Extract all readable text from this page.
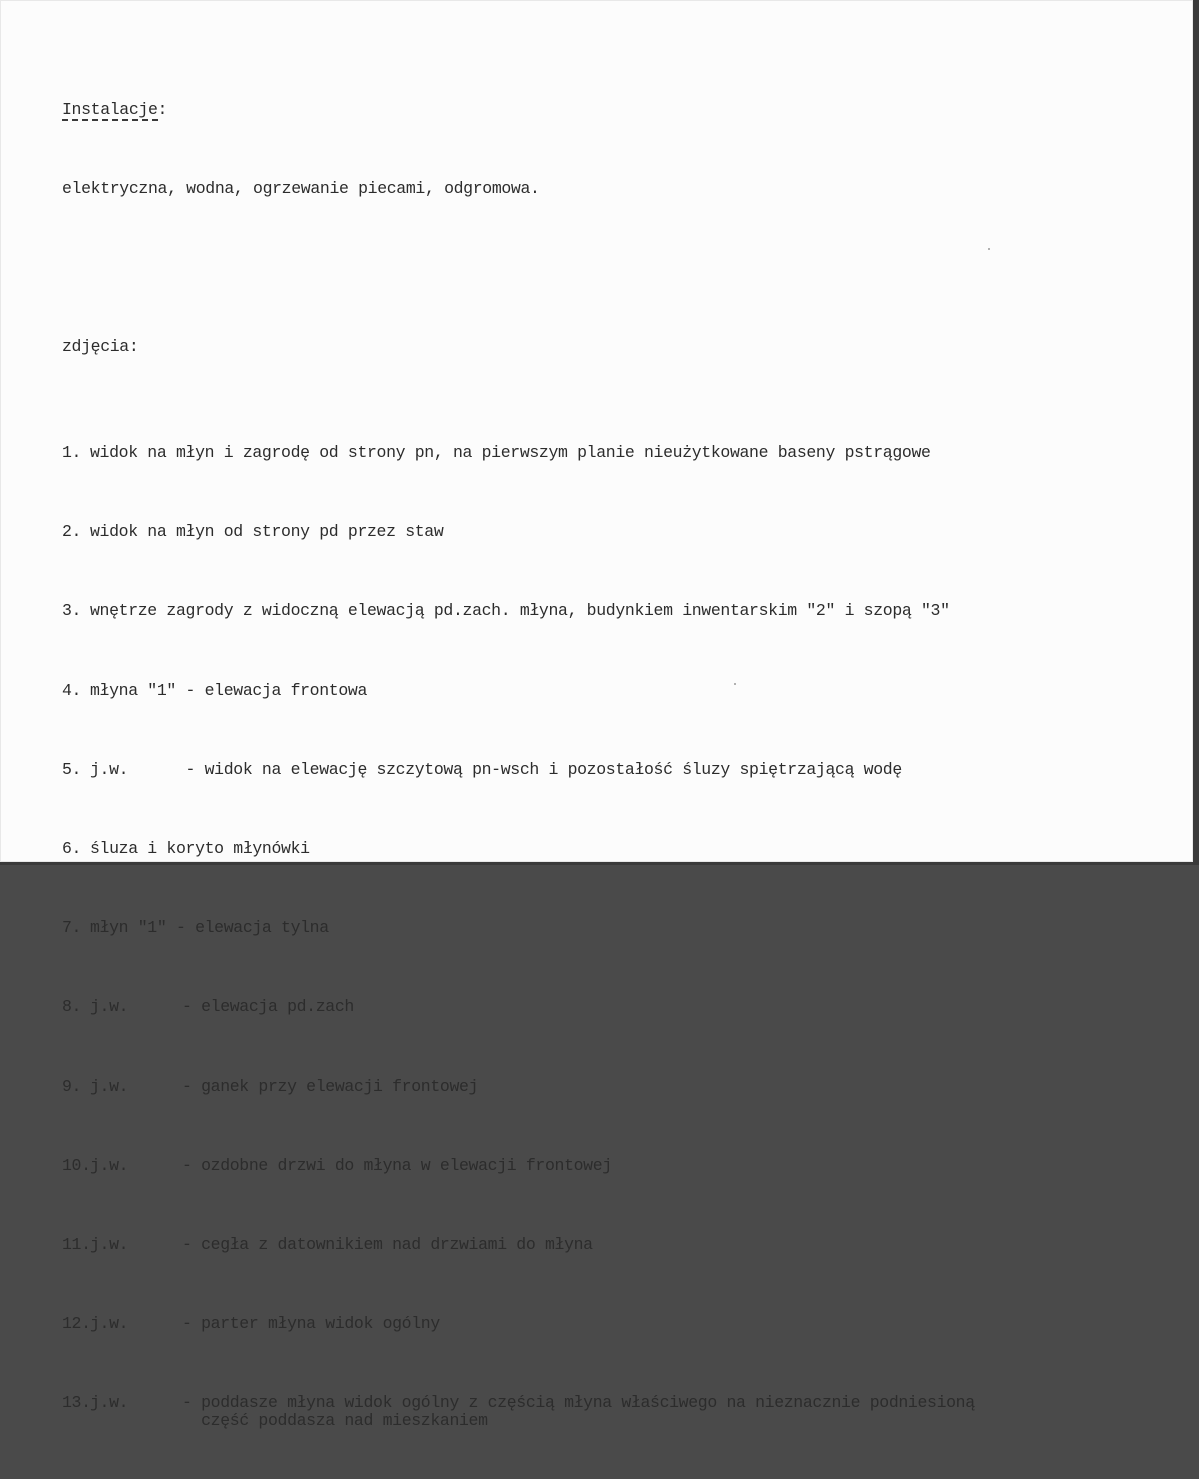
Instalacje:

elektryczna, wodna, ogrzewanie piecami, odgromowa.

zdjęcia:

1. widok na młyn i zagrodę od strony pn, na pierwszym planie nieużytkowane baseny pstrągowe

2. widok na młyn od strony pd przez staw

3. wnętrze zagrody z widoczną elewacją pd.zach. młyna, budynkiem inwentarskim "2" i szopą "3"

4. młyna "1" - elewacja frontowa

5. j.w.      - widok na elewację szczytową pn-wsch i pozostałość śluzy spiętrzającą wodę

6. śluza i koryto młynówki

7. młyn "1" - elewacja tylna

8. j.w.	- elewacja pd.zach

9. j.w.	- ganek przy elewacji frontowej

10. j.w.	- ozdobne drzwi do młyna w elewacji frontowej

11. j.w.	- cegła z datownikiem nad drzwiami do młyna

12. j.w.	- parter młyna widok ogólny

13. j.w.	- poddasze młyna widok ogólny z częścią młyna właściwego na nieznacznie podniesioną
część poddasza nad mieszkaniem
